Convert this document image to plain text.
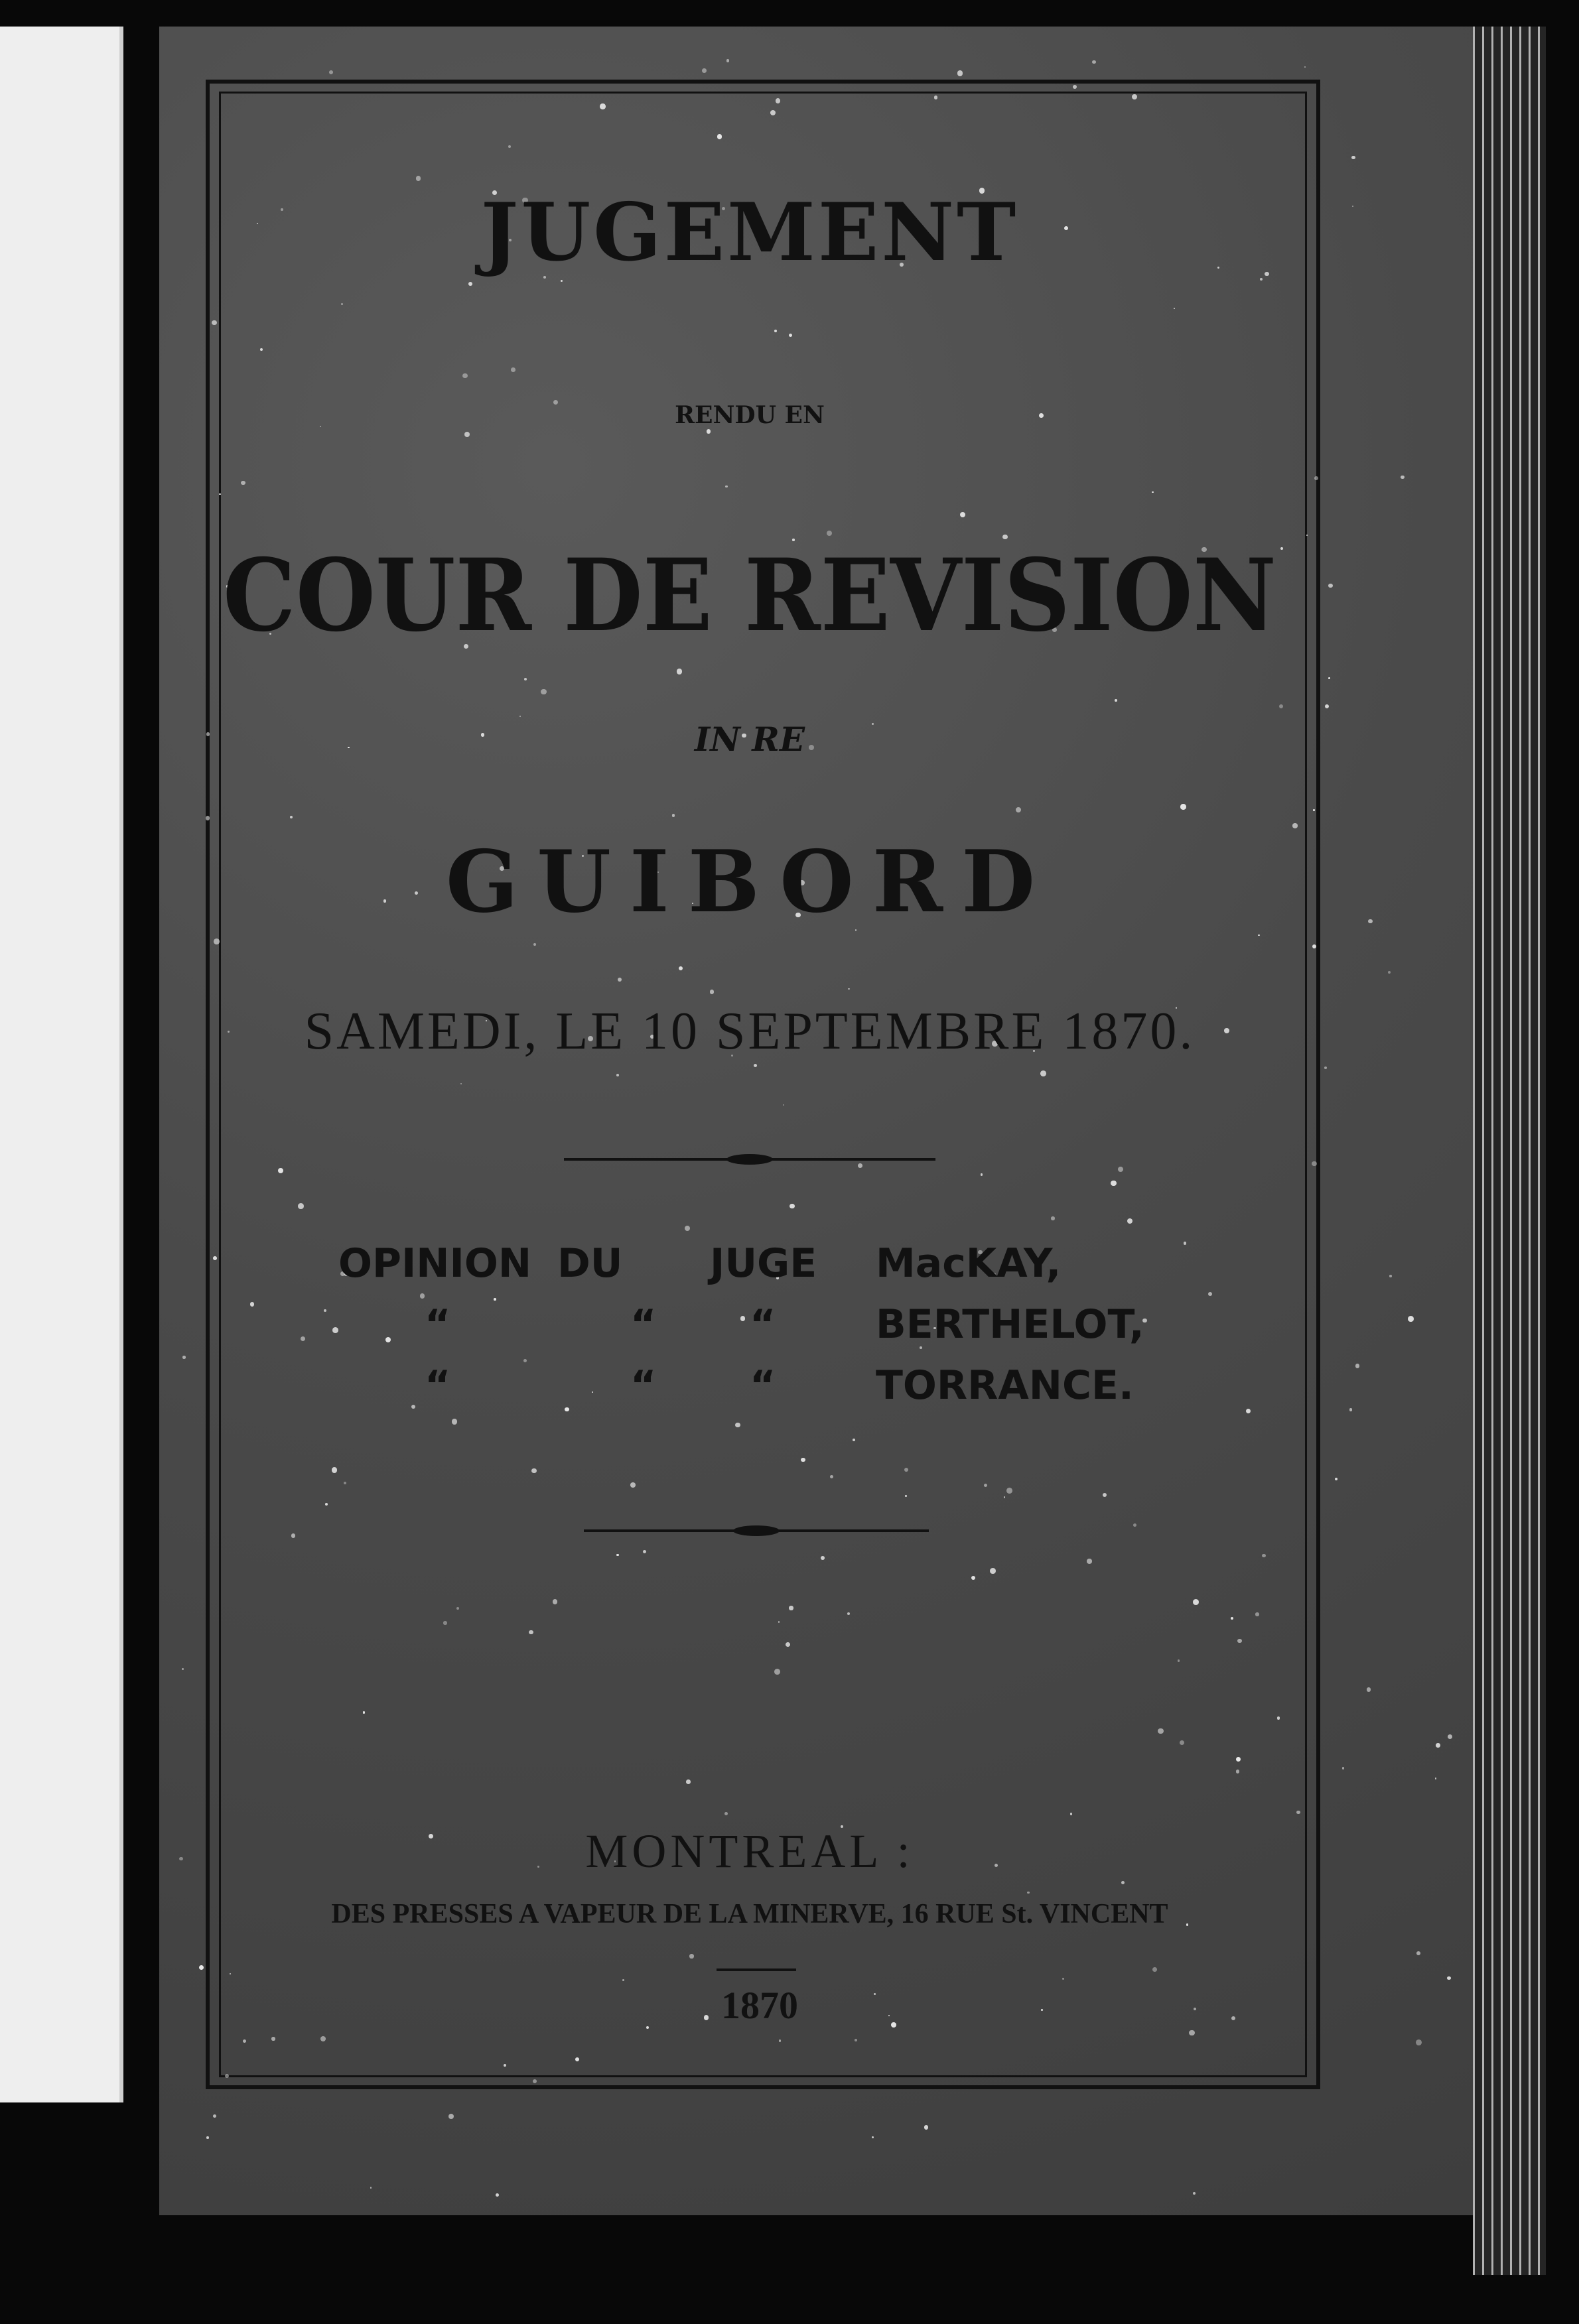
JUGEMENT
RENDU EN
COUR DE REVISION
IN RE
GUIBORD
SAMEDI, LE 10 SEPTEMBRE 1870.
OPINION DU JUGE MacKAY,
“	“ “	BERTHELOT,
“	“ “	TORRANCE.
MONTREAL :
DES PRESSES A VAPEUR DE LA MINERVE, 16 RUE St. VINCENT
1870
